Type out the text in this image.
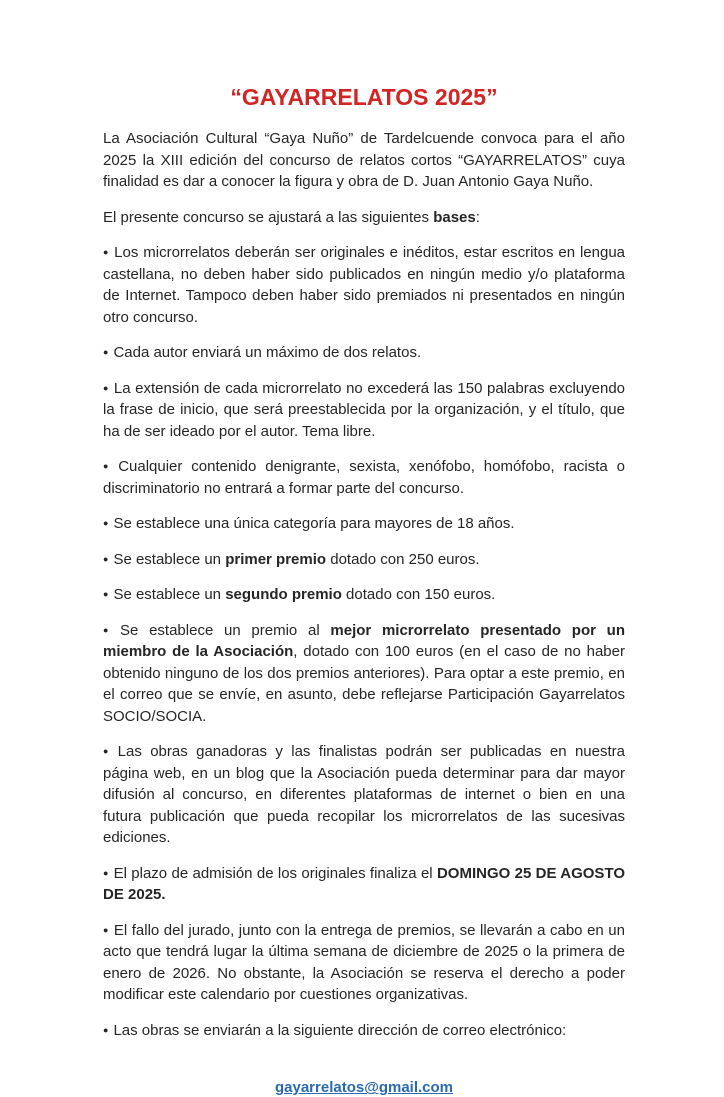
“GAYARRELATOS 2025”

La Asociación Cultural “Gaya Nuño” de Tardelcuende convoca para el año 2025 la XIII edición del concurso de relatos cortos “GAYARRELATOS” cuya finalidad es dar a conocer la figura y obra de D. Juan Antonio Gaya Nuño.

El presente concurso se ajustará a las siguientes bases:

● Los microrrelatos deberán ser originales e inéditos, estar escritos en lengua castellana, no deben haber sido publicados en ningún medio y/o plataforma de Internet. Tampoco deben haber sido premiados ni presentados en ningún otro concurso.

● Cada autor enviará un máximo de dos relatos.

● La extensión de cada microrrelato no excederá las 150 palabras excluyendo la frase de inicio, que será preestablecida por la organización, y el título, que ha de ser ideado por el autor. Tema libre.

● Cualquier contenido denigrante, sexista, xenófobo, homófobo, racista o discriminatorio no entrará a formar parte del concurso.

● Se establece una única categoría para mayores de 18 años.

● Se establece un primer premio dotado con 250 euros.

● Se establece un segundo premio dotado con 150 euros.

● Se establece un premio al mejor microrrelato presentado por un miembro de la Asociación, dotado con 100 euros (en el caso de no haber obtenido ninguno de los dos premios anteriores). Para optar a este premio, en el correo que se envíe, en asunto, debe reflejarse Participación Gayarrelatos SOCIO/SOCIA.

● Las obras ganadoras y las finalistas podrán ser publicadas en nuestra página web, en un blog que la Asociación pueda determinar para dar mayor difusión al concurso, en diferentes plataformas de internet o bien en una futura publicación que pueda recopilar los microrrelatos de las sucesivas ediciones.

● El plazo de admisión de los originales finaliza el DOMINGO 25 DE AGOSTO DE 2025.

● El fallo del jurado, junto con la entrega de premios, se llevarán a cabo en un acto que tendrá lugar la última semana de diciembre de 2025 o la primera de enero de 2026. No obstante, la Asociación se reserva el derecho a poder modificar este calendario por cuestiones organizativas.

● Las obras se enviarán a la siguiente dirección de correo electrónico:

gayarrelatos@gmail.com
